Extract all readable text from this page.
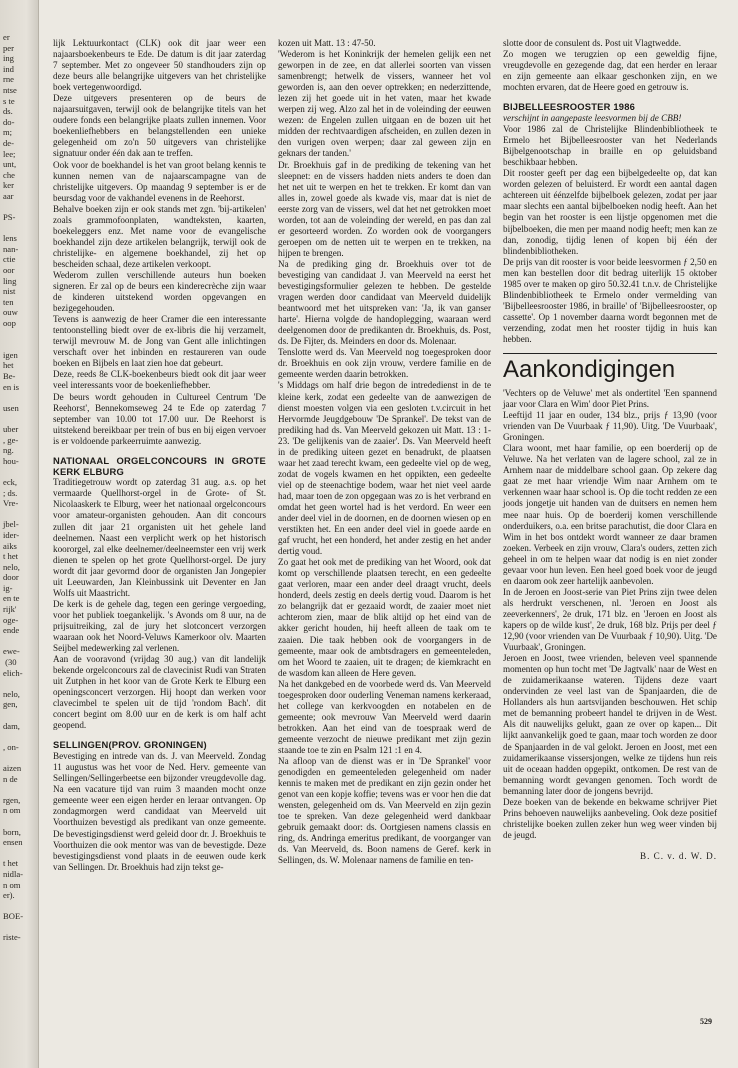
er
per
ing
ind
rne
ntse
s te
ds.
do-
m;
de-
lee;
unt,
che
ker
aar

PS-

lens
nan-
ctie
oor
ling
nist
ten
ouw
oop

igen
het
Be-
en is

usen

uber
, ge-
ng.
hou-

eck,
; ds.
Vre-

jbel-
ider-
aiks
t het
nelo,
door
ig-
en te
rijk'
oge-
ende

ewe-
(30
elich-

nelo,
gen,

dam,

, on-

aizen
n de

rgen,
n om

born,
ensen

t het
nidla-
n om
er).

BOE-

riste-

lijk Lektuurkontact (CLK) ook dit jaar weer een najaarsboekenbeurs te Ede. De datum is dit jaar zaterdag 7 september. Met zo ongeveer 50 standhouders zijn op deze beurs alle belangrijke uitgevers van het christelijke boek vertegenwoordigd.

Deze uitgevers presenteren op de beurs de najaarsuitgaven, terwijl ook de belangrijke titels van het oudere fonds een belangrijke plaats zullen innemen. Voor boekenliefhebbers en belangstellenden een unieke gelegenheid om zo'n 50 uitgevers van christelijke signatuur onder één dak aan te treffen.

Ook voor de boekhandel is het van groot belang kennis te kunnen nemen van de najaarscampagne van de christelijke uitgevers. Op maandag 9 september is er de beursdag voor de vakhandel evenens in de Reehorst.

Behalve boeken zijn er ook stands met zgn. 'bij-artikelen' zoals grammofoonplaten, wandteksten, kaarten, boekeleggers enz. Met name voor de evangelische boekhandel zijn deze artikelen belangrijk, terwijl ook de christelijke- en algemene boekhandel, zij het op bescheiden schaal, deze artikelen verkoopt.

Wederom zullen verschillende auteurs hun boeken signeren. Er zal op de beurs een kinderecrèche zijn waar de kinderen uitstekend worden opgevangen en bezigegehouden.

Tevens is aanwezig de heer Cramer die een interessante tentoonstelling biedt over de ex-libris die hij verzamelt, terwijl mevrouw M. de Jong van Gent alle inlichtingen verschaft over het inbinden en restaureren van oude boeken en Bijbels en laat zien hoe dat gebeurt.

Deze, reeds 8e CLK-boekenbeurs biedt ook dit jaar weer veel interessants voor de boekenliefhebber.

De beurs wordt gehouden in Cultureel Centrum 'De Reehorst', Bennekomseweg 24 te Ede op zaterdag 7 september van 10.00 tot 17.00 uur. De Reehorst is uitstekend bereikbaar per trein of bus en bij eigen vervoer is er voldoende parkeerruimte aanwezig.

NATIONAAL ORGELCONCOURS IN GROTE KERK ELBURG

Traditiegetrouw wordt op zaterdag 31 aug. a.s. op het vermaarde Quellhorst-orgel in de Grote- of St. Nicolaaskerk te Elburg, weer het nationaal orgelconcours voor amateur-organisten gehouden. Aan dit concours zullen dit jaar 21 organisten uit het gehele land deelnemen. Naast een verplicht werk op het historisch koororgel, zal elke deelnemer/deelneemster een vrij werk dienen te spelen op het grote Quellhorst-orgel. De jury wordt dit jaar gevormd door de organisten Jan Jongepier uit Leeuwarden, Jan Kleinbussink uit Deventer en Jan Wolfs uit Maastricht.

De kerk is de gehele dag, tegen een geringe vergoeding, voor het publiek toegankelijk. 's Avonds om 8 uur, na de prijsuitreiking, zal de jury het slotconcert verzorgen waaraan ook het Noord-Veluws Kamerkoor olv. Maarten Seijbel medewerking zal verlenen.

Aan de vooravond (vrijdag 30 aug.) van dit landelijk bekende orgelconcours zal de clavecinist Rudi van Straten uit Zutphen in het koor van de Grote Kerk te Elburg een openingsconcert verzorgen. Hij hoopt dan werken voor clavecimbel te spelen uit de tijd 'rondom Bach'. dit concert begint om 8.00 uur en de kerk is om half acht geopend.

SELLINGEN(PROV. GRONINGEN)

Bevestiging en intrede van ds. J. van Meerveld. Zondag 11 augustus was het voor de Ned. Herv. gemeente van Sellingen/Sellingerbeetse een bijzonder vreugdevolle dag. Na een vacature tijd van ruim 3 maanden mocht onze gemeente weer een eigen herder en leraar ontvangen. Op zondagmorgen werd candidaat van Meerveld uit Voorthuizen bevestigd als predikant van onze gemeente. De bevestigingsdienst werd geleid door dr. J. Broekhuis te Voorthuizen die ook mentor was van de bevestigde. Deze bevestigingsdienst vond plaats in de eeuwen oude kerk van Sellingen. Dr. Broekhuis had zijn tekst ge-

kozen uit Matt. 13 : 47-50.

'Wederom is het Koninkrijk der hemelen gelijk een net geworpen in de zee, en dat allerlei soorten van vissen samenbrengt; hetwelk de vissers, wanneer het vol geworden is, aan den oever optrekken; en nederzittende, lezen zij het goede uit in het vaten, maar het kwade werpen zij weg. Alzo zal het in de voleinding der eeuwen wezen: de Engelen zullen uitgaan en de bozen uit het midden der rechtvaardigen afscheiden, en zullen dezen in den vurigen oven werpen; daar zal geween zijn en geknars der tanden.'

Dr. Broekhuis gaf in de prediking de tekening van het sleepnet: en de vissers hadden niets anders te doen dan het net uit te werpen en het te trekken. Er komt dan van alles in, zowel goede als kwade vis, maar dat is niet de eerste zorg van de vissers, wel dat het net getrokken moet worden, tot aan de voleinding der wereld, en pas dan zal er gesorteerd worden. Zo worden ook de voorgangers geroepen om de netten uit te werpen en te trekken, na hijpen te brengen.

Na de prediking ging dr. Broekhuis over tot de bevestiging van candidaat J. van Meerveld na eerst het bevestigingsformulier gelezen te hebben. De gestelde vragen werden door candidaat van Meerveld duidelijk beantwoord met het uitspreken van: 'Ja, ik van ganser harte'. Hierna volgde de handoplegging, waaraan werd deelgenomen door de predikanten dr. Broekhuis, ds. Post, ds. De Fijter, ds. Meinders en door ds. Molenaar.

Tenslotte werd ds. Van Meerveld nog toegesproken door dr. Broekhuis en ook zijn vrouw, verdere familie en de gemeente werden daarin betrokken.

's Middags om half drie begon de intrededienst in de te kleine kerk, zodat een gedeelte van de aanwezigen de dienst moesten volgen via een gesloten t.v.circuit in het Hervormde Jeugdgebouw 'De Sprankel'. De tekst van de prediking had ds. Van Meerveld gekozen uit Matt. 13 : 1-23. 'De gelijkenis van de zaaier'. Ds. Van Meerveld heeft in de prediking uiteen gezet en benadrukt, de plaatsen waar het zaad terecht kwam, een gedeelte viel op de weg, zodat de vogels kwamen en het oppikten, een gedeelte viel op de steenachtige bodem, waar het niet veel aarde had, maar toen de zon opgegaan was zo is het verbrand en omdat het geen wortel had is het verdord. En weer een ander deel viel in de doornen, en de doornen wiesen op en verstikten het. En een ander deel viel in goede aarde en gaf vrucht, het een honderd, het ander zestig en het ander dertig voud.

Zo gaat het ook met de prediking van het Woord, ook dat komt op verschillende plaatsen terecht, en een gedeelte gaat verloren, maar een ander deel draagt vrucht, deels honderd, deels zestig en deels dertig voud. Daarom is het zo belangrijk dat er gezaaid wordt, de zaaier moet niet achterom zien, maar de blik altijd op het eind van de akker gericht houden, hij heeft alleen de taak om te zaaien. Die taak hebben ook de voorgangers in de gemeente, maar ook de ambtsdragers en gemeenteleden, om het Woord te zaaien, uit te dragen; de kiemkracht en de wasdom kan alleen de Here geven.

Na het dankgebed en de voorbede werd ds. Van Meerveld toegesproken door ouderling Veneman namens kerkeraad, het college van kerkvoogden en notabelen en de gemeente; ook mevrouw Van Meerveld werd daarin betrokken. Aan het eind van de toespraak werd de gemeente verzocht de nieuwe predikant met zijn gezin staande toe te zin en Psalm 121 :1 en 4.

Na afloop van de dienst was er in 'De Sprankel' voor genodigden en gemeenteleden gelegenheid om nader kennis te maken met de predikant en zijn gezin onder het genot van een kopje koffie; tevens was er voor hen die dat wensten, gelegenheid om ds. Van Meerveld en zijn gezin toe te spreken. Van deze gelegenheid werd dankbaar gebruik gemaakt door: ds. Oortgiesen namens classis en ring, ds. Andringa emeritus predikant, de voorganger van ds. Van Meerveld, ds. Boon namens de Geref. kerk in Sellingen, ds. W. Molenaar namens de familie en ten-

slotte door de consulent ds. Post uit Vlagtwedde.

Zo mogen we terugzien op een geweldig fijne, vreugdevolle en gezegende dag, dat een herder en leraar en zijn gemeente aan elkaar geschonken zijn, en we mochten ervaren, dat de Heere goed en getrouw is.

BIJBELLEESROOSTER 1986

verschijnt in aangepaste leesvormen bij de CBB!

Voor 1986 zal de Christelijke Blindenbibliotheek te Ermelo het Bijbelleesrooster van het Nederlands Bijbelgenootschap in braille en op geluidsband beschikbaar hebben.

Dit rooster geeft per dag een bijbelgedeelte op, dat kan worden gelezen of beluisterd. Er wordt een aantal dagen achtereen uit éénzelfde bijbelboek gelezen, zodat per jaar maar slechts een aantal bijbelboeken nodig heeft. Aan het begin van het rooster is een lijstje opgenomen met die bijbelboeken, die men per maand nodig heeft; men kan ze dan, zonodig, tijdig lenen of kopen bij één der blindenbibliotheken.

De prijs van dit rooster is voor beide leesvormen ƒ 2,50 en men kan bestellen door dit bedrag uiterlijk 15 oktober 1985 over te maken op giro 50.32.41 t.n.v. de Christelijke Blindenbibliotheek te Ermelo onder vermelding van 'Bijbelleesrooster 1986, in braille' of 'Bijbelleesrooster, op cassette'. Op 1 november daarna wordt begonnen met de verzending, zodat men het rooster tijdig in huis kan hebben.

Aankondigingen

'Vechters op de Veluwe' met als ondertitel 'Een spannend jaar voor Clara en Wim' door Piet Prins.

Leeftijd 11 jaar en ouder, 134 blz., prijs ƒ 13,90 (voor vrienden van De Vuurbaak ƒ 11,90). Uitg. 'De Vuurbaak', Groningen.

Clara woont, met haar familie, op een boerderij op de Veluwe. Na het verlaten van de lagere school, zal ze in Arnhem naar de middelbare school gaan. Op zekere dag gaat ze met haar vriendje Wim naar Arnhem om te verkennen waar haar school is. Op die tocht redden ze een joods jongetje uit handen van de duitsers en nemen hem mee naar huis. Op de boerderij komen verschillende onderduikers, o.a. een britse parachutist, die door Clara en Wim in het bos ontdekt wordt wanneer ze daar bramen zoeken. Verbeek en zijn vrouw, Clara's ouders, zetten zich geheel in om te helpen waar dat nodig is en niet zonder gevaar voor hun leven. Een heel goed boek voor de jeugd en daarom ook zeer hartelijk aanbevolen.

In de Jeroen en Joost-serie van Piet Prins zijn twee delen als herdrukt verschenen, nl. 'Jeroen en Joost als zeeverkenners', 2e druk, 171 blz. en 'Jeroen en Joost als kapers op de wilde kust', 2e druk, 168 blz. Prijs per deel ƒ 12,90 (voor vrienden van De Vuurbaak ƒ 10,90). Uitg. 'De Vuurbaak', Groningen.

Jeroen en Joost, twee vrienden, beleven veel spannende momenten op hun tocht met 'De Jagtvalk' naar de West en de zuidamerikaanse wateren. Tijdens deze vaart ondervinden ze veel last van de Spanjaarden, die de Hollanders als hun aartsvijanden beschouwen. Het schip met de bemanning probeert handel te drijven in de West. Als dit nauwelijks gelukt, gaan ze over op kapen... Dit lijkt aanvankelijk goed te gaan, maar toch worden ze door de Spanjaarden in de val gelokt. Jeroen en Joost, met een zuidamerikaanse vissersjongen, welke ze tijdens hun reis uit de oceaan hadden opgepikt, ontkomen. De rest van de bemanning wordt gevangen genomen. Toch wordt de bemanning later door de jongens bevrijd.

Deze boeken van de bekende en bekwame schrijver Piet Prins behoeven nauwelijks aanbeveling. Ook deze positief christelijke boeken zullen zeker hun weg weer vinden bij de jeugd.

B. C. v. d. W. D.

529
